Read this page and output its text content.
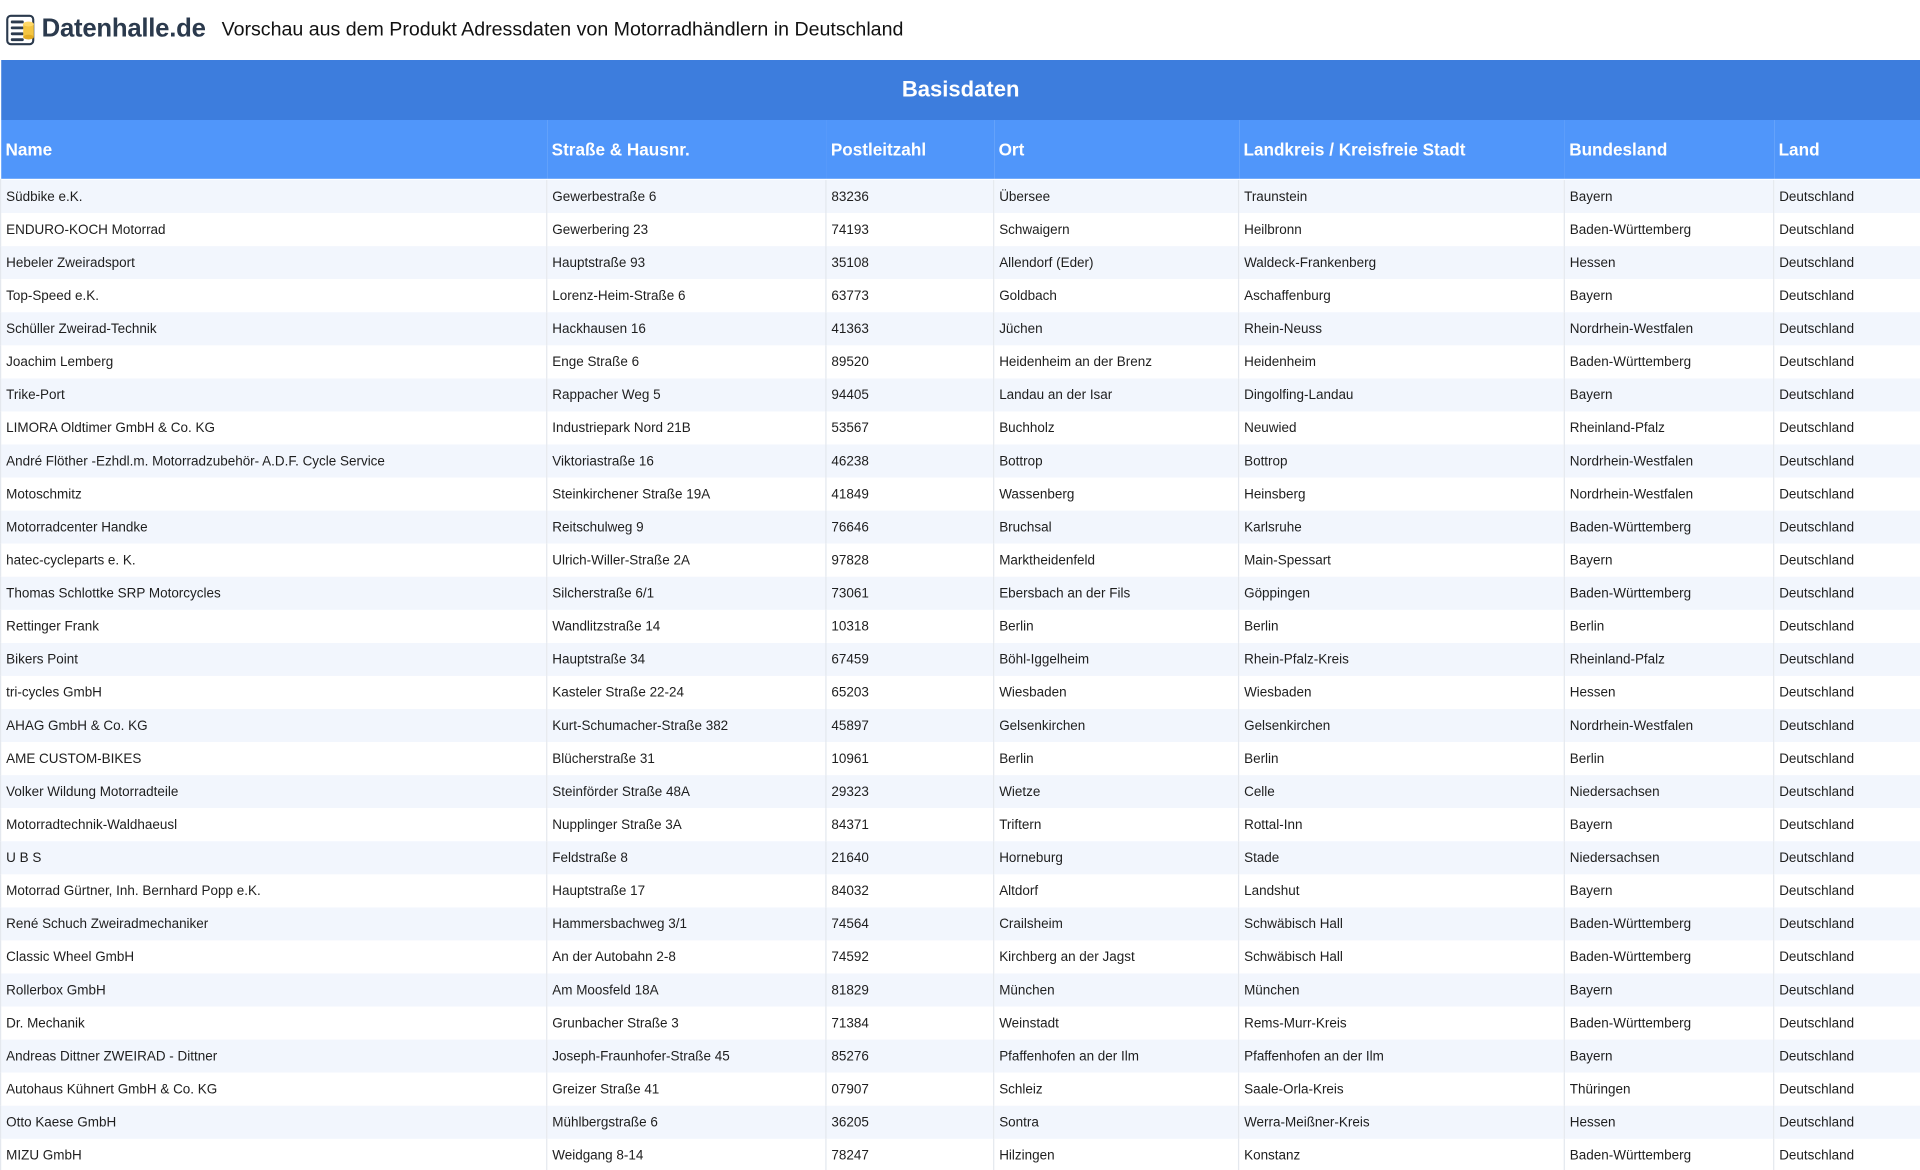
Datenhalle.de Vorschau aus dem Produkt Adressdaten von Motorradhändlern in Deutschland
Basisdaten						
Name	Straße & Hausnr.	Postleitzahl	Ort	Landkreis / Kreisfreie Stadt	Bundesland	Land

Südbike e.K.	Gewerbestraße 6	83236	Übersee	Traunstein	Bayern	Deutschland
ENDURO-KOCH Motorrad	Gewerbering 23	74193	Schwaigern	Heilbronn	Baden-Württemberg	Deutschland
Hebeler Zweiradsport	Hauptstraße 93	35108	Allendorf (Eder)	Waldeck-Frankenberg	Hessen	Deutschland
Top-Speed e.K.	Lorenz-Heim-Straße 6	63773	Goldbach	Aschaffenburg	Bayern	Deutschland
Schüller Zweirad-Technik	Hackhausen 16	41363	Jüchen	Rhein-Neuss	Nordrhein-Westfalen	Deutschland
Joachim Lemberg	Enge Straße 6	89520	Heidenheim an der Brenz	Heidenheim	Baden-Württemberg	Deutschland
Trike-Port	Rappacher Weg 5	94405	Landau an der Isar	Dingolfing-Landau	Bayern	Deutschland
LIMORA Oldtimer GmbH & Co. KG	Industriepark Nord 21B	53567	Buchholz	Neuwied	Rheinland-Pfalz	Deutschland
André Flöther -Ezhdl.m. Motorradzubehör- A.D.F. Cycle Service	Viktoriastraße 16	46238	Bottrop	Bottrop	Nordrhein-Westfalen	Deutschland
Motoschmitz	Steinkirchener Straße 19A	41849	Wassenberg	Heinsberg	Nordrhein-Westfalen	Deutschland
Motorradcenter Handke	Reitschulweg 9	76646	Bruchsal	Karlsruhe	Baden-Württemberg	Deutschland
hatec-cycleparts e. K.	Ulrich-Willer-Straße 2A	97828	Marktheidenfeld	Main-Spessart	Bayern	Deutschland
Thomas Schlottke SRP Motorcycles	Silcherstraße 6/1	73061	Ebersbach an der Fils	Göppingen	Baden-Württemberg	Deutschland
Rettinger Frank	Wandlitzstraße 14	10318	Berlin	Berlin	Berlin	Deutschland
Bikers Point	Hauptstraße 34	67459	Böhl-Iggelheim	Rhein-Pfalz-Kreis	Rheinland-Pfalz	Deutschland
tri-cycles GmbH	Kasteler Straße 22-24	65203	Wiesbaden	Wiesbaden	Hessen	Deutschland
AHAG GmbH & Co. KG	Kurt-Schumacher-Straße 382	45897	Gelsenkirchen	Gelsenkirchen	Nordrhein-Westfalen	Deutschland
AME CUSTOM-BIKES	Blücherstraße 31	10961	Berlin	Berlin	Berlin	Deutschland
Volker Wildung Motorradteile	Steinförder Straße 48A	29323	Wietze	Celle	Niedersachsen	Deutschland
Motorradtechnik-Waldhaeusl	Nupplinger Straße 3A	84371	Triftern	Rottal-Inn	Bayern	Deutschland
U B S	Feldstraße 8	21640	Horneburg	Stade	Niedersachsen	Deutschland
Motorrad Gürtner, Inh. Bernhard Popp e.K.	Hauptstraße 17	84032	Altdorf	Landshut	Bayern	Deutschland
René Schuch Zweiradmechaniker	Hammersbachweg 3/1	74564	Crailsheim	Schwäbisch Hall	Baden-Württemberg	Deutschland
Classic Wheel GmbH	An der Autobahn 2-8	74592	Kirchberg an der Jagst	Schwäbisch Hall	Baden-Württemberg	Deutschland
Rollerbox GmbH	Am Moosfeld 18A	81829	München	München	Bayern	Deutschland
Dr. Mechanik	Grunbacher Straße 3	71384	Weinstadt	Rems-Murr-Kreis	Baden-Württemberg	Deutschland
Andreas Dittner ZWEIRAD - Dittner	Joseph-Fraunhofer-Straße 45	85276	Pfaffenhofen an der Ilm	Pfaffenhofen an der Ilm	Bayern	Deutschland
Autohaus Kühnert GmbH & Co. KG	Greizer Straße 41	07907	Schleiz	Saale-Orla-Kreis	Thüringen	Deutschland
Otto Kaese GmbH	Mühlbergstraße 6	36205	Sontra	Werra-Meißner-Kreis	Hessen	Deutschland
MIZU GmbH	Weidgang 8-14	78247	Hilzingen	Konstanz	Baden-Württemberg	Deutschland
